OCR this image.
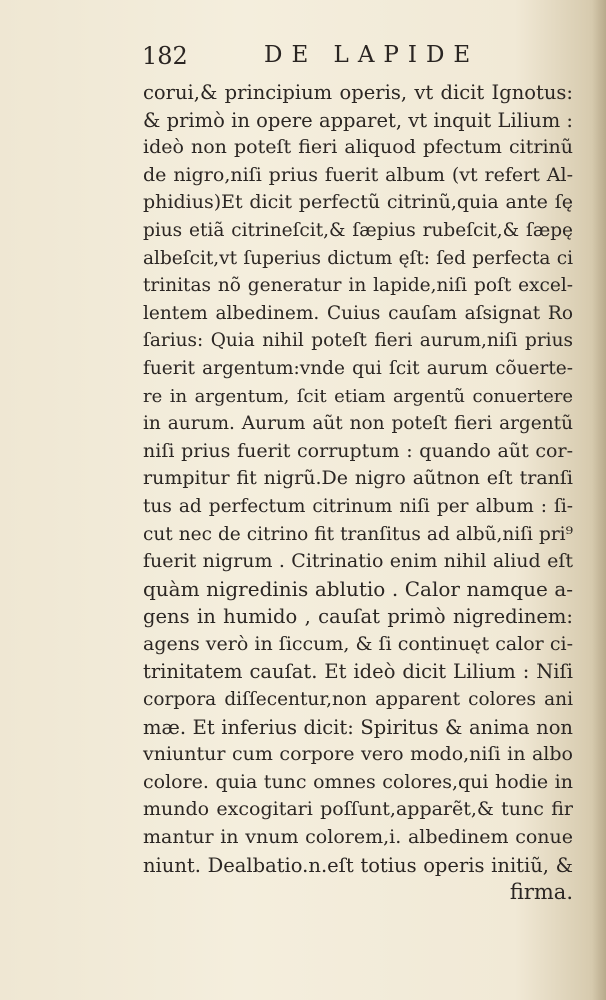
182	DE LAPIDE
corui,& principium operis, vt dicit Ignotus:
& primò in opere apparet, vt inquit Lilium :
ideò non poteſt fieri aliquod pfectum citrinũ
de nigro,niſi prius fuerit album (vt refert Al-
phidius)Et dicit perfectũ citrinũ,quia ante ſę
pius etiã citrineſcit,& ſæpius rubeſcit,& ſæpę
albeſcit,vt ſuperius dictum ęſt: ſed perfecta ci
trinitas nõ generatur in lapide,niſi poſt excel-
lentem albedinem. Cuius cauſam aſsignat Ro
ſarius: Quia nihil poteſt fieri aurum,niſi prius
fuerit argentum:vnde qui ſcit aurum cõuerte-
re in argentum, ſcit etiam argentũ conuertere
in aurum. Aurum aũt non poteſt fieri argentũ
niſi prius fuerit corruptum : quando aũt cor-
rumpitur fit nigrũ.De nigro aũtnon eſt tranſi
tus ad perfectum citrinum niſi per album : ſi-
cut nec de citrino fit tranſitus ad albũ,niſi pri⁹
fuerit nigrum . Citrinatio enim nihil aliud eſt
quàm nigredinis ablutio . Calor namque a-
gens in humido , cauſat primò nigredinem:
agens verò in ſiccum, & ſi continuęt calor ci-
trinitatem cauſat. Et ideò dicit Lilium : Niſi
corpora diſſecentur,non apparent colores ani
mæ. Et inferius dicit: Spiritus & anima non
vniuntur cum corpore vero modo,niſi in albo
colore. quia tunc omnes colores,qui hodie in
mundo excogitari poſſunt,apparẽt,& tunc fir
mantur in vnum colorem,i. albedinem conue
niunt. Dealbatio.n.eſt totius operis initiũ, &
firma.
